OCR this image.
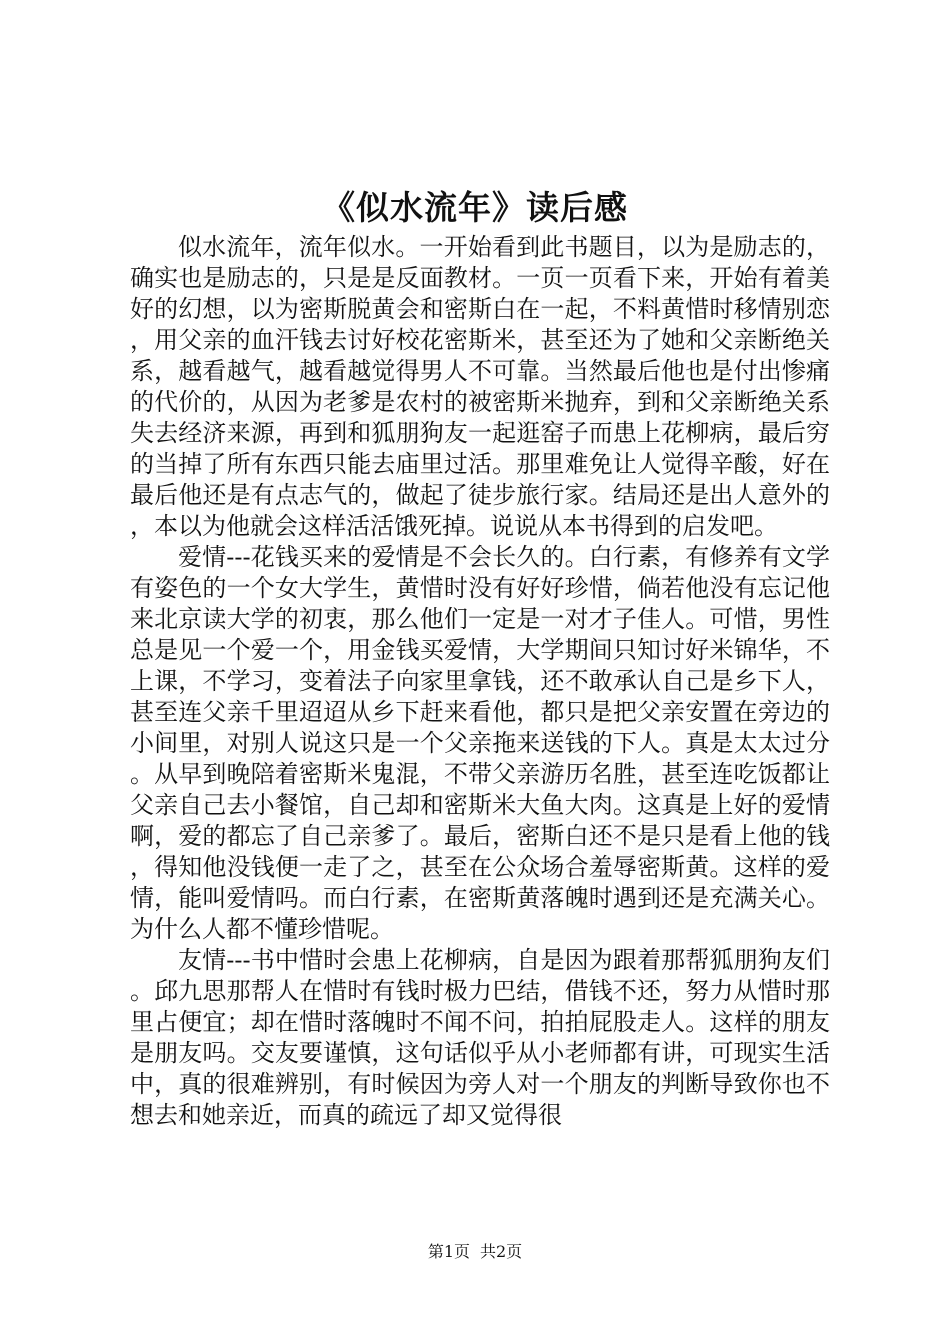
《似水流年》读后感

似水流年，流年似水。一开始看到此书题目，以为是励志的，确实也是励志的，只是是反面教材。一页一页看下来，开始有着美好的幻想，以为密斯脱黄会和密斯白在一起，不料黄惜时移情别恋，用父亲的血汗钱去讨好校花密斯米，甚至还为了她和父亲断绝关系，越看越气，越看越觉得男人不可靠。当然最后他也是付出惨痛的代价的，从因为老爹是农村的被密斯米抛弃，到和父亲断绝关系失去经济来源，再到和狐朋狗友一起逛窑子而患上花柳病，最后穷的当掉了所有东西只能去庙里过活。那里难免让人觉得辛酸，好在最后他还是有点志气的，做起了徒步旅行家。结局还是出人意外的，本以为他就会这样活活饿死掉。说说从本书得到的启发吧。

爱情---花钱买来的爱情是不会长久的。白行素，有修养有文学有姿色的一个女大学生，黄惜时没有好好珍惜，倘若他没有忘记他来北京读大学的初衷，那么他们一定是一对才子佳人。可惜，男性总是见一个爱一个，用金钱买爱情，大学期间只知讨好米锦华，不上课，不学习，变着法子向家里拿钱，还不敢承认自己是乡下人，甚至连父亲千里迢迢从乡下赶来看他，都只是把父亲安置在旁边的小间里，对别人说这只是一个父亲拖来送钱的下人。真是太太过分。从早到晚陪着密斯米鬼混，不带父亲游历名胜，甚至连吃饭都让父亲自己去小餐馆，自己却和密斯米大鱼大肉。这真是上好的爱情啊，爱的都忘了自己亲爹了。最后，密斯白还不是只是看上他的钱，得知他没钱便一走了之，甚至在公众场合羞辱密斯黄。这样的爱情，能叫爱情吗。而白行素，在密斯黄落魄时遇到还是充满关心。为什么人都不懂珍惜呢。

友情---书中惜时会患上花柳病，自是因为跟着那帮狐朋狗友们。邱九思那帮人在惜时有钱时极力巴结，借钱不还，努力从惜时那里占便宜；却在惜时落魄时不闻不问，拍拍屁股走人。这样的朋友是朋友吗。交友要谨慎，这句话似乎从小老师都有讲，可现实生活中，真的很难辨别，有时候因为旁人对一个朋友的判断导致你也不想去和她亲近，而真的疏远了却又觉得很

第1页 共2页
